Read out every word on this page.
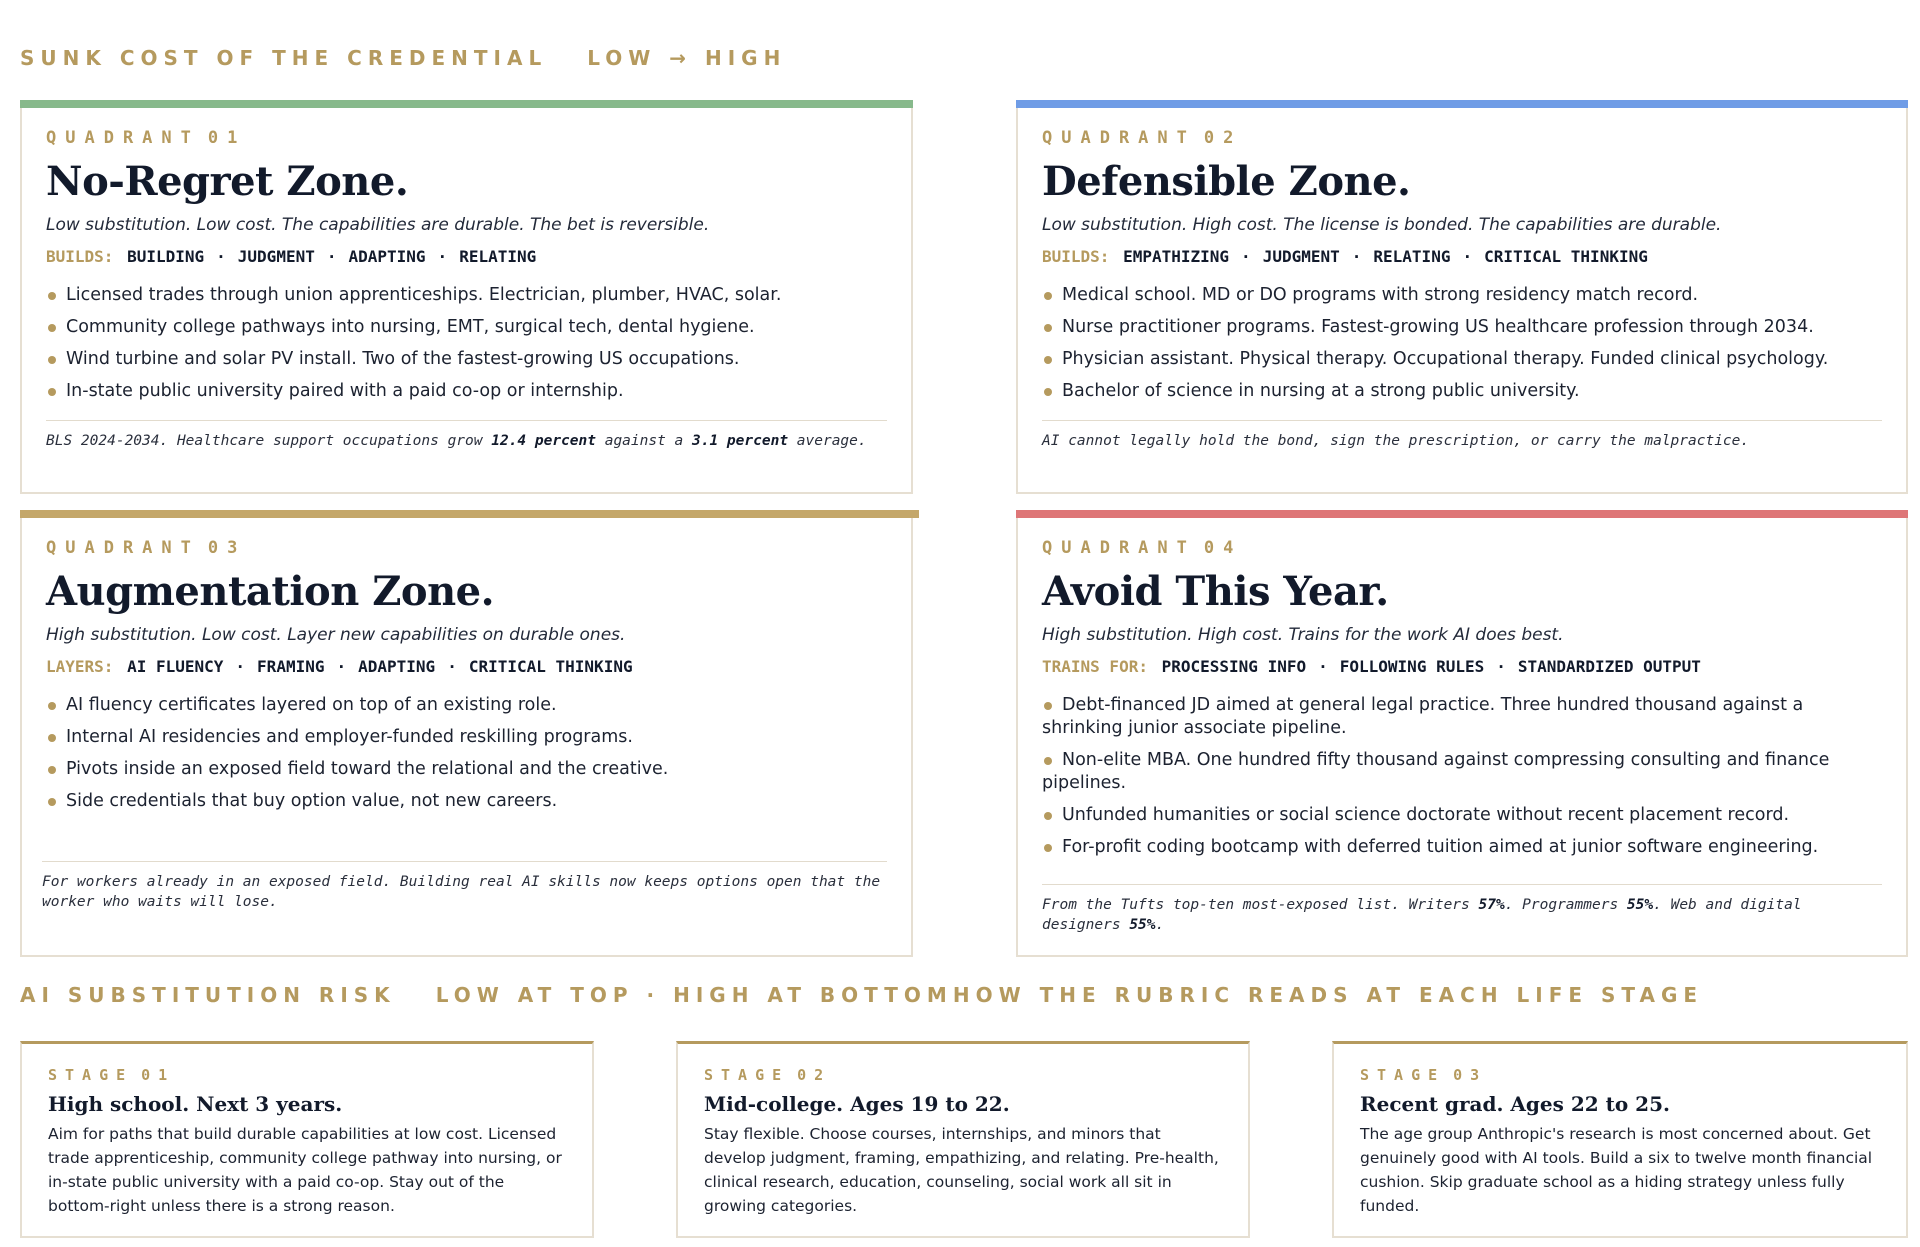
SUNK COST OF THE CREDENTIAL LOW → HIGH
QUADRANT 01
No-Regret Zone.
Low substitution. Low cost. The capabilities are durable. The bet is reversible.
BUILDS: BUILDING · JUDGMENT · ADAPTING · RELATING
Licensed trades through union apprenticeships. Electrician, plumber, HVAC, solar.
Community college pathways into nursing, EMT, surgical tech, dental hygiene.
Wind turbine and solar PV install. Two of the fastest-growing US occupations.
In-state public university paired with a paid co-op or internship.
BLS 2024-2034. Healthcare support occupations grow 12.4 percent against a 3.1 percent average.
QUADRANT 02
Defensible Zone.
Low substitution. High cost. The license is bonded. The capabilities are durable.
BUILDS: EMPATHIZING · JUDGMENT · RELATING · CRITICAL THINKING
Medical school. MD or DO programs with strong residency match record.
Nurse practitioner programs. Fastest-growing US healthcare profession through 2034.
Physician assistant. Physical therapy. Occupational therapy. Funded clinical psychology.
Bachelor of science in nursing at a strong public university.
AI cannot legally hold the bond, sign the prescription, or carry the malpractice.
QUADRANT 03
Augmentation Zone.
High substitution. Low cost. Layer new capabilities on durable ones.
LAYERS: AI FLUENCY · FRAMING · ADAPTING · CRITICAL THINKING
AI fluency certificates layered on top of an existing role.
Internal AI residencies and employer-funded reskilling programs.
Pivots inside an exposed field toward the relational and the creative.
Side credentials that buy option value, not new careers.
For workers already in an exposed field. Building real AI skills now keeps options open that the worker who waits will lose.
QUADRANT 04
Avoid This Year.
High substitution. High cost. Trains for the work AI does best.
TRAINS FOR: PROCESSING INFO · FOLLOWING RULES · STANDARDIZED OUTPUT
Debt-financed JD aimed at general legal practice. Three hundred thousand against a shrinking junior associate pipeline.
Non-elite MBA. One hundred fifty thousand against compressing consulting and finance pipelines.
Unfunded humanities or social science doctorate without recent placement record.
For-profit coding bootcamp with deferred tuition aimed at junior software engineering.
From the Tufts top-ten most-exposed list. Writers 57%. Programmers 55%. Web and digital designers 55%.
AI SUBSTITUTION RISK LOW AT TOP · HIGH AT BOTTOMHOW THE RUBRIC READS AT EACH LIFE STAGE
STAGE 01
High school. Next 3 years.
Aim for paths that build durable capabilities at low cost. Licensed trade apprenticeship, community college pathway into nursing, or in-state public university with a paid co-op. Stay out of the bottom-right unless there is a strong reason.
STAGE 02
Mid-college. Ages 19 to 22.
Stay flexible. Choose courses, internships, and minors that develop judgment, framing, empathizing, and relating. Pre-health, clinical research, education, counseling, social work all sit in growing categories.
STAGE 03
Recent grad. Ages 22 to 25.
The age group Anthropic's research is most concerned about. Get genuinely good with AI tools. Build a six to twelve month financial cushion. Skip graduate school as a hiding strategy unless fully funded.
